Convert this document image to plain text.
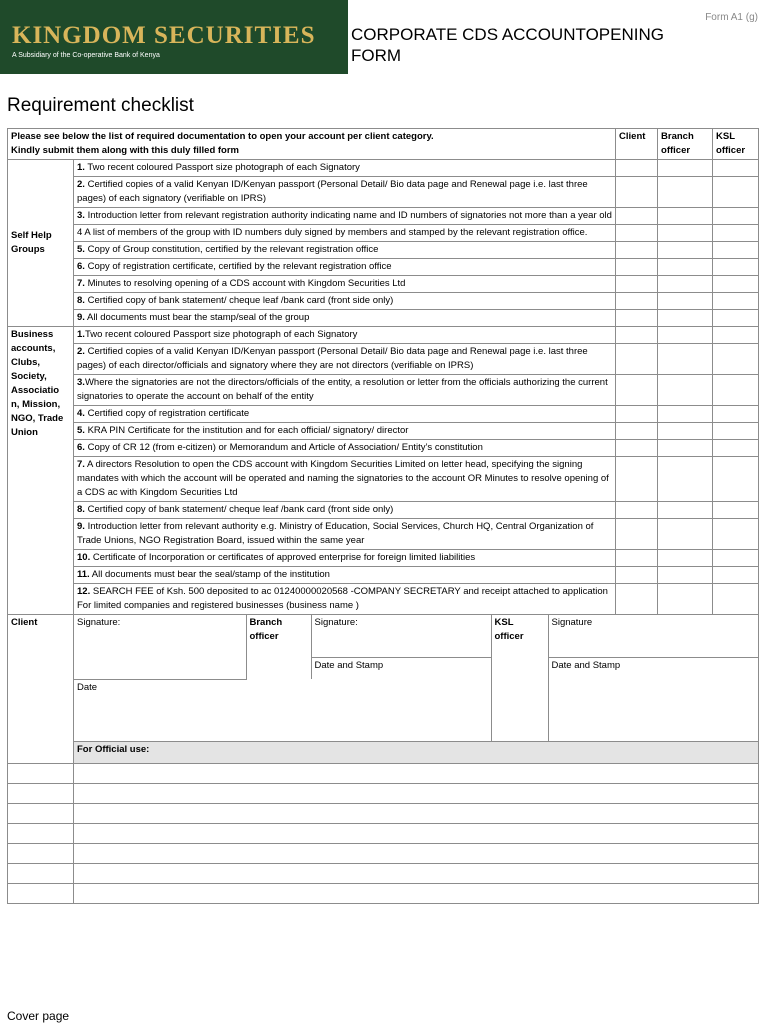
KINGDOM SECURITIES
A Subsidiary of the Co-operative Bank of Kenya
CORPORATE CDS ACCOUNTOPENING FORM
Form A1 (g)
Requirement checklist
Please see below the list of required documentation to open your account per client category.
Kindly submit them along with this duly filled form
	Client	Branch officer	KSL officer
Self Help Groups	1. Two recent coloured Passport size photograph of each Signatory			
2. Certified copies of a valid Kenyan ID/Kenyan passport (Personal Detail/ Bio data page and Renewal page i.e. last three pages) of each signatory (verifiable on IPRS)			
3. Introduction letter from relevant registration authority indicating name and ID numbers of signatories not more than a year old			
4 A list of members of the group with ID numbers duly signed by members and stamped by the relevant registration office.			
5. Copy of Group constitution, certified by the relevant registration office			
6. Copy of registration certificate, certified by the relevant registration office			
7. Minutes to resolving opening of a CDS account with Kingdom Securities Ltd			
8. Certified copy of bank statement/ cheque leaf /bank card (front side only)			
9. All documents must bear the stamp/seal of the group			
Business accounts, Clubs, Society, Associatio n, Mission, NGO, Trade Union	1.Two recent coloured Passport size photograph of each Signatory			
2. Certified copies of a valid Kenyan ID/Kenyan passport (Personal Detail/ Bio data page and Renewal page i.e. last three pages) of each director/officials and signatory where they are not directors (verifiable on IPRS)			
3.Where the signatories are not the directors/officials of the entity, a resolution or letter from the officials authorizing the current signatories to operate the account on behalf of the entity			
4. Certified copy of registration certificate			
5. KRA PIN Certificate for the institution and for each official/ signatory/ director			
6. Copy of CR 12 (from e-citizen) or Memorandum and Article of Association/ Entity’s constitution			
7. A directors Resolution to open the CDS account with Kingdom Securities Limited on letter head, specifying the signing mandates with which the account will be operated and naming the signatories to the account OR Minutes to resolve opening of a CDS ac with Kingdom Securities Ltd			
8. Certified copy of bank statement/ cheque leaf /bank card (front side only)			
9. Introduction letter from relevant authority e.g. Ministry of Education, Social Services, Church HQ, Central Organization of Trade Unions, NGO Registration Board, issued within the same year			
10. Certificate of Incorporation or certificates of approved enterprise for foreign limited liabilities			
11. All documents must bear the seal/stamp of the institution			
12. SEARCH FEE of Ksh. 500 deposited to ac 01240000020568 -COMPANY SECRETARY and receipt attached to application For limited companies and registered businesses (business name )			
Client		Signature:	Branch officer	Signature:	KSL officer	Signature
		Date and Stamp		Date and Stamp
Date		

For Official use:

Cover page
